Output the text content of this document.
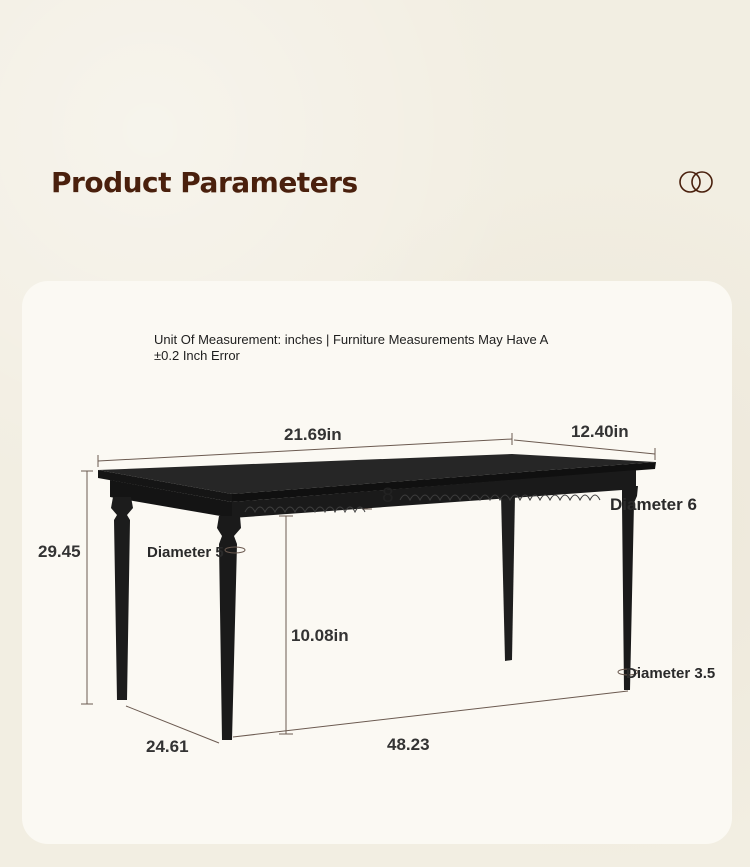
Product Parameters
Unit Of Measurement: inches | Furniture Measurements May Have A
±0.2 Inch Error
21.69in	12.40in
8	Diameter 6
29.45	Diameter 5
10.08in
Diameter 3.5
24.61	48.23
